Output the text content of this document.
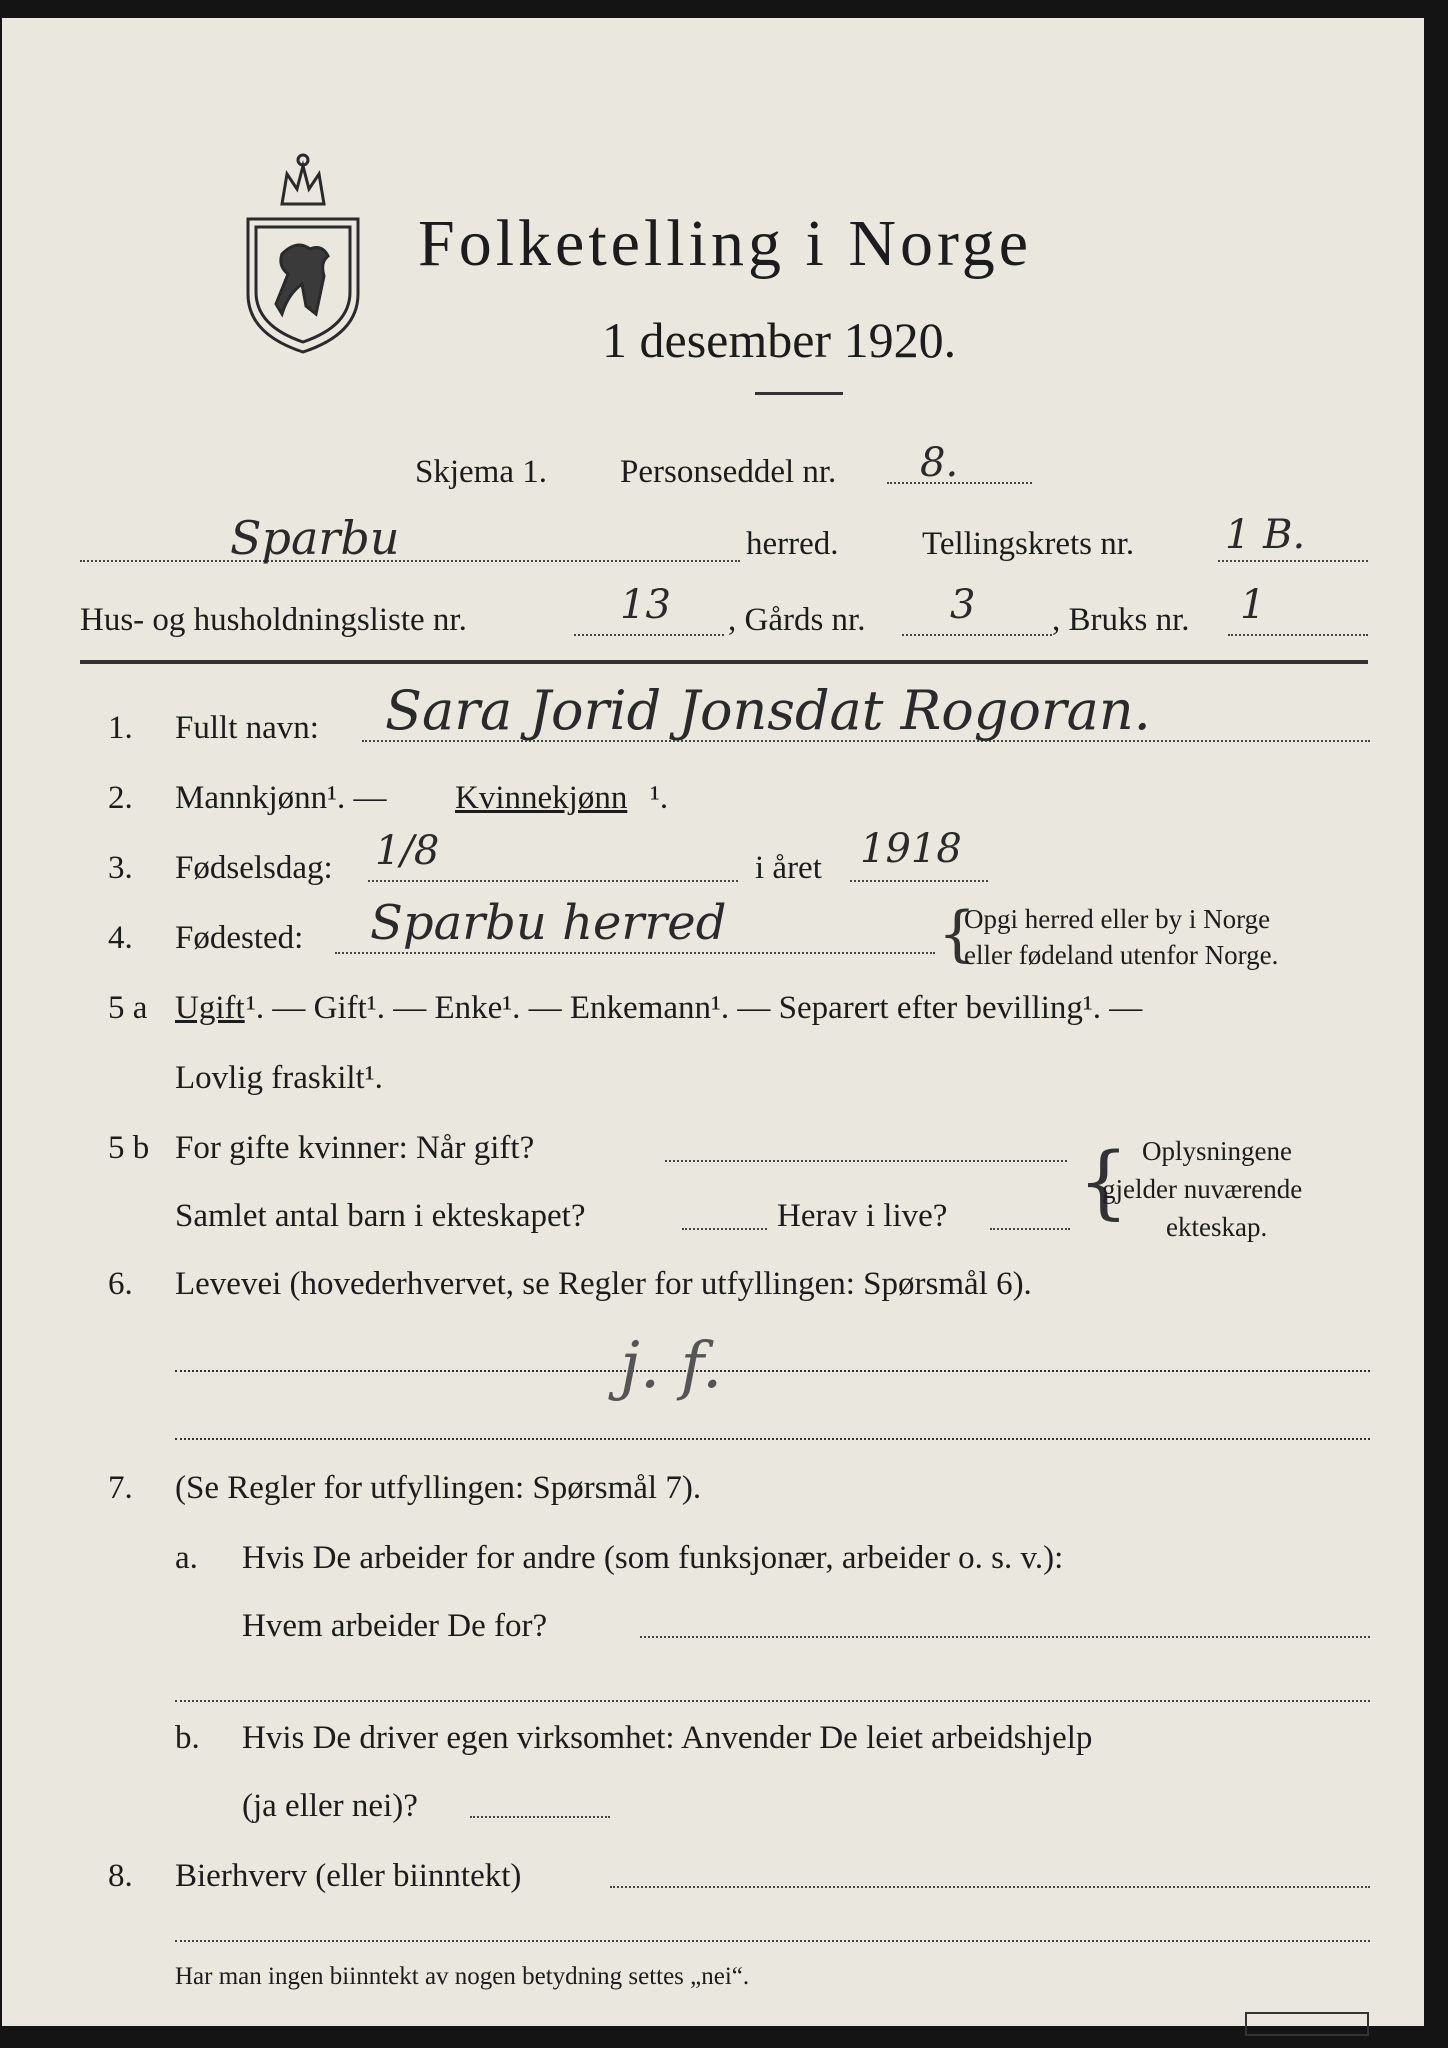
Folketelling i Norge
1 desember 1920.
Skjema 1. Personseddel nr. 8.
Sparbu	herred.	Tellingskrets nr. 1 B.
Hus- og husholdningsliste nr.	13 , Gårds nr. 3 , Bruks nr. 1
1. Fullt navn: Sara Jorid Jonsdat Rogoran.
2. Mannkjønn¹. — Kvinnekjønn ¹.
3. Fødselsdag: 1/8	i året 1918
4. Fødested: Sparbu herred	{
Opgi herred eller by i Norge
eller fødeland utenfor Norge.
5 a Ugift ¹. — Gift¹. — Enke¹. — Enkemann¹. — Separert efter bevilling¹. —
Lovlig fraskilt¹.
5 b For gifte kvinner: Når gift?
Samlet antal barn i ekteskapet?	Herav i live? { Oplysningene
gjelder nuværende
ekteskap.
6. Levevei (hovederhvervet, se Regler for utfyllingen: Spørsmål 6).
j. f.
7. (Se Regler for utfyllingen: Spørsmål 7).
a. Hvis De arbeider for andre (som funksjonær, arbeider o. s. v.):
Hvem arbeider De for?
b. Hvis De driver egen virksomhet: Anvender De leiet arbeidshjelp
(ja eller nei)?
8. Bierhverv (eller biinntekt)
Har man ingen biinntekt av nogen betydning settes „nei“.
